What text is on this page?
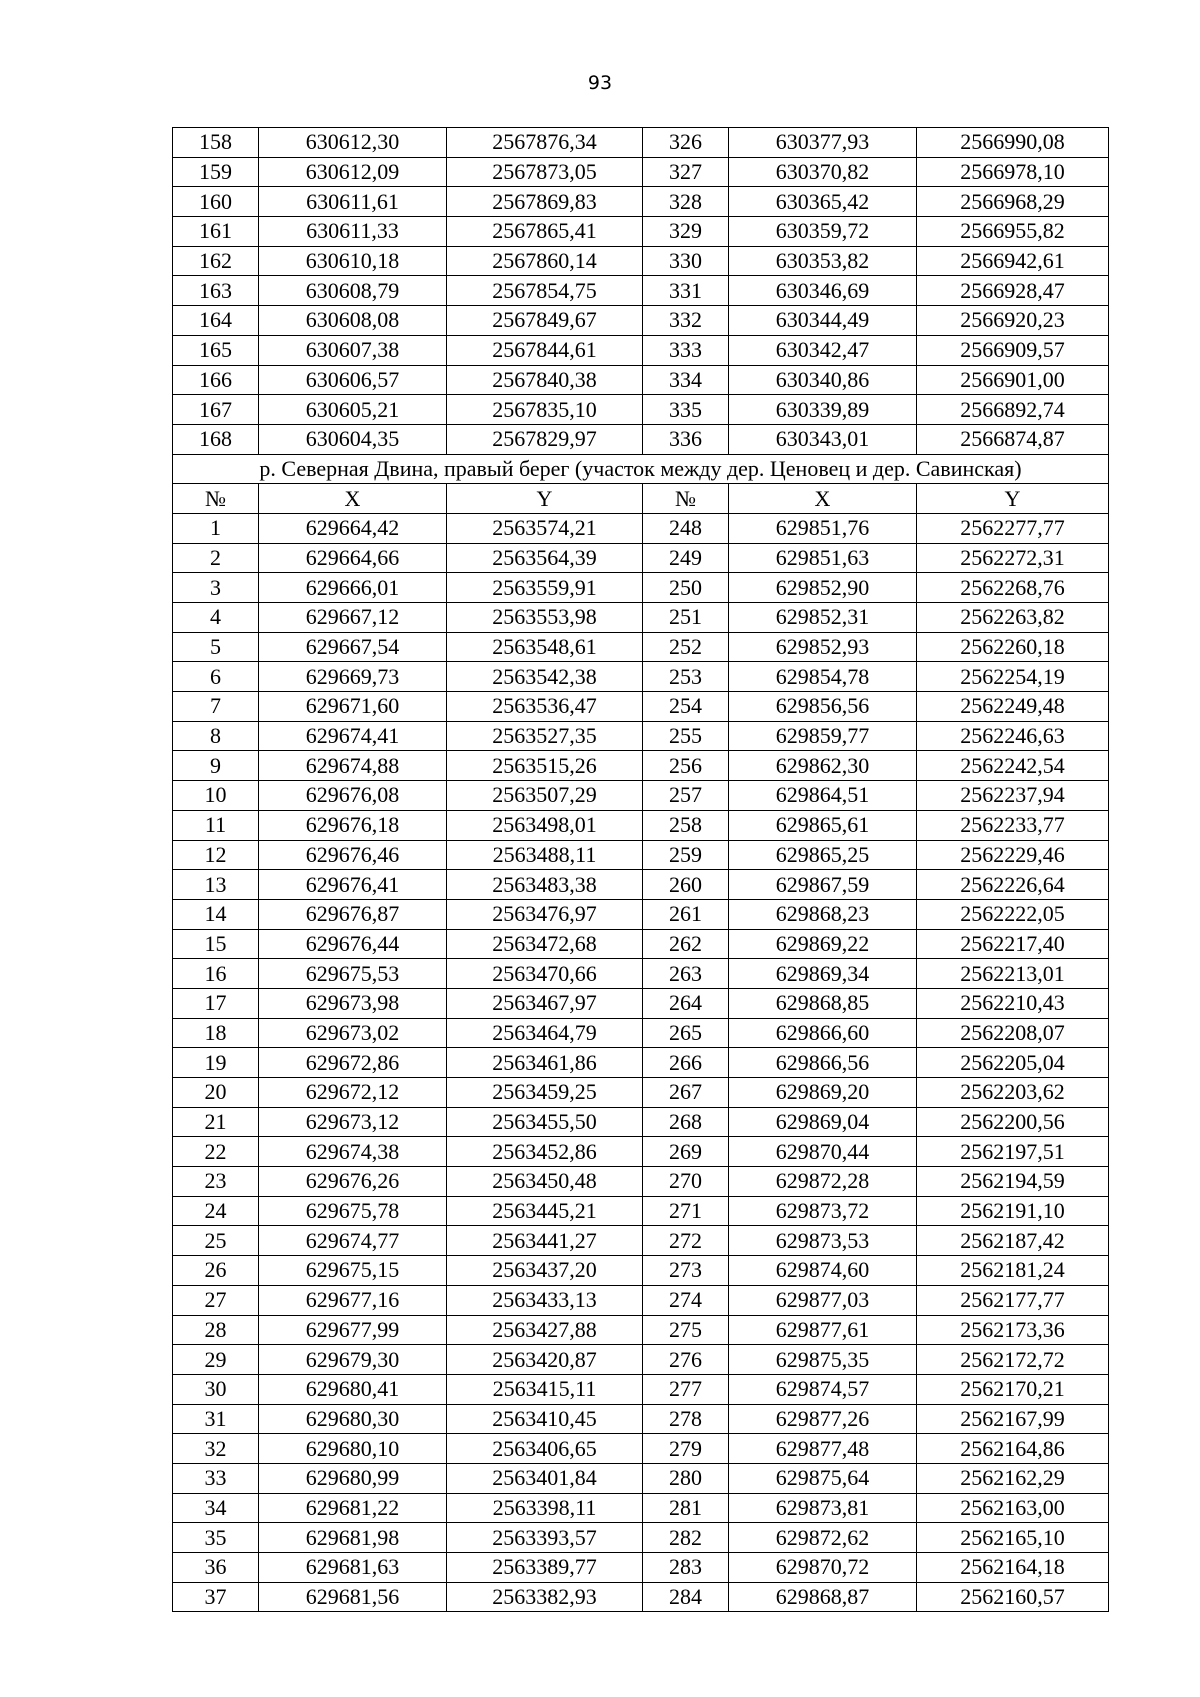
93
158	630612,30	2567876,34	326	630377,93	2566990,08
159	630612,09	2567873,05	327	630370,82	2566978,10
160	630611,61	2567869,83	328	630365,42	2566968,29
161	630611,33	2567865,41	329	630359,72	2566955,82
162	630610,18	2567860,14	330	630353,82	2566942,61
163	630608,79	2567854,75	331	630346,69	2566928,47
164	630608,08	2567849,67	332	630344,49	2566920,23
165	630607,38	2567844,61	333	630342,47	2566909,57
166	630606,57	2567840,38	334	630340,86	2566901,00
167	630605,21	2567835,10	335	630339,89	2566892,74
168	630604,35	2567829,97	336	630343,01	2566874,87
р. Северная Двина, правый берег (участок между дер. Ценовец и дер. Савинская)					
№	X	Y	№	X	Y
1	629664,42	2563574,21	248	629851,76	2562277,77
2	629664,66	2563564,39	249	629851,63	2562272,31
3	629666,01	2563559,91	250	629852,90	2562268,76
4	629667,12	2563553,98	251	629852,31	2562263,82
5	629667,54	2563548,61	252	629852,93	2562260,18
6	629669,73	2563542,38	253	629854,78	2562254,19
7	629671,60	2563536,47	254	629856,56	2562249,48
8	629674,41	2563527,35	255	629859,77	2562246,63
9	629674,88	2563515,26	256	629862,30	2562242,54
10	629676,08	2563507,29	257	629864,51	2562237,94
11	629676,18	2563498,01	258	629865,61	2562233,77
12	629676,46	2563488,11	259	629865,25	2562229,46
13	629676,41	2563483,38	260	629867,59	2562226,64
14	629676,87	2563476,97	261	629868,23	2562222,05
15	629676,44	2563472,68	262	629869,22	2562217,40
16	629675,53	2563470,66	263	629869,34	2562213,01
17	629673,98	2563467,97	264	629868,85	2562210,43
18	629673,02	2563464,79	265	629866,60	2562208,07
19	629672,86	2563461,86	266	629866,56	2562205,04
20	629672,12	2563459,25	267	629869,20	2562203,62
21	629673,12	2563455,50	268	629869,04	2562200,56
22	629674,38	2563452,86	269	629870,44	2562197,51
23	629676,26	2563450,48	270	629872,28	2562194,59
24	629675,78	2563445,21	271	629873,72	2562191,10
25	629674,77	2563441,27	272	629873,53	2562187,42
26	629675,15	2563437,20	273	629874,60	2562181,24
27	629677,16	2563433,13	274	629877,03	2562177,77
28	629677,99	2563427,88	275	629877,61	2562173,36
29	629679,30	2563420,87	276	629875,35	2562172,72
30	629680,41	2563415,11	277	629874,57	2562170,21
31	629680,30	2563410,45	278	629877,26	2562167,99
32	629680,10	2563406,65	279	629877,48	2562164,86
33	629680,99	2563401,84	280	629875,64	2562162,29
34	629681,22	2563398,11	281	629873,81	2562163,00
35	629681,98	2563393,57	282	629872,62	2562165,10
36	629681,63	2563389,77	283	629870,72	2562164,18
37	629681,56	2563382,93	284	629868,87	2562160,57
